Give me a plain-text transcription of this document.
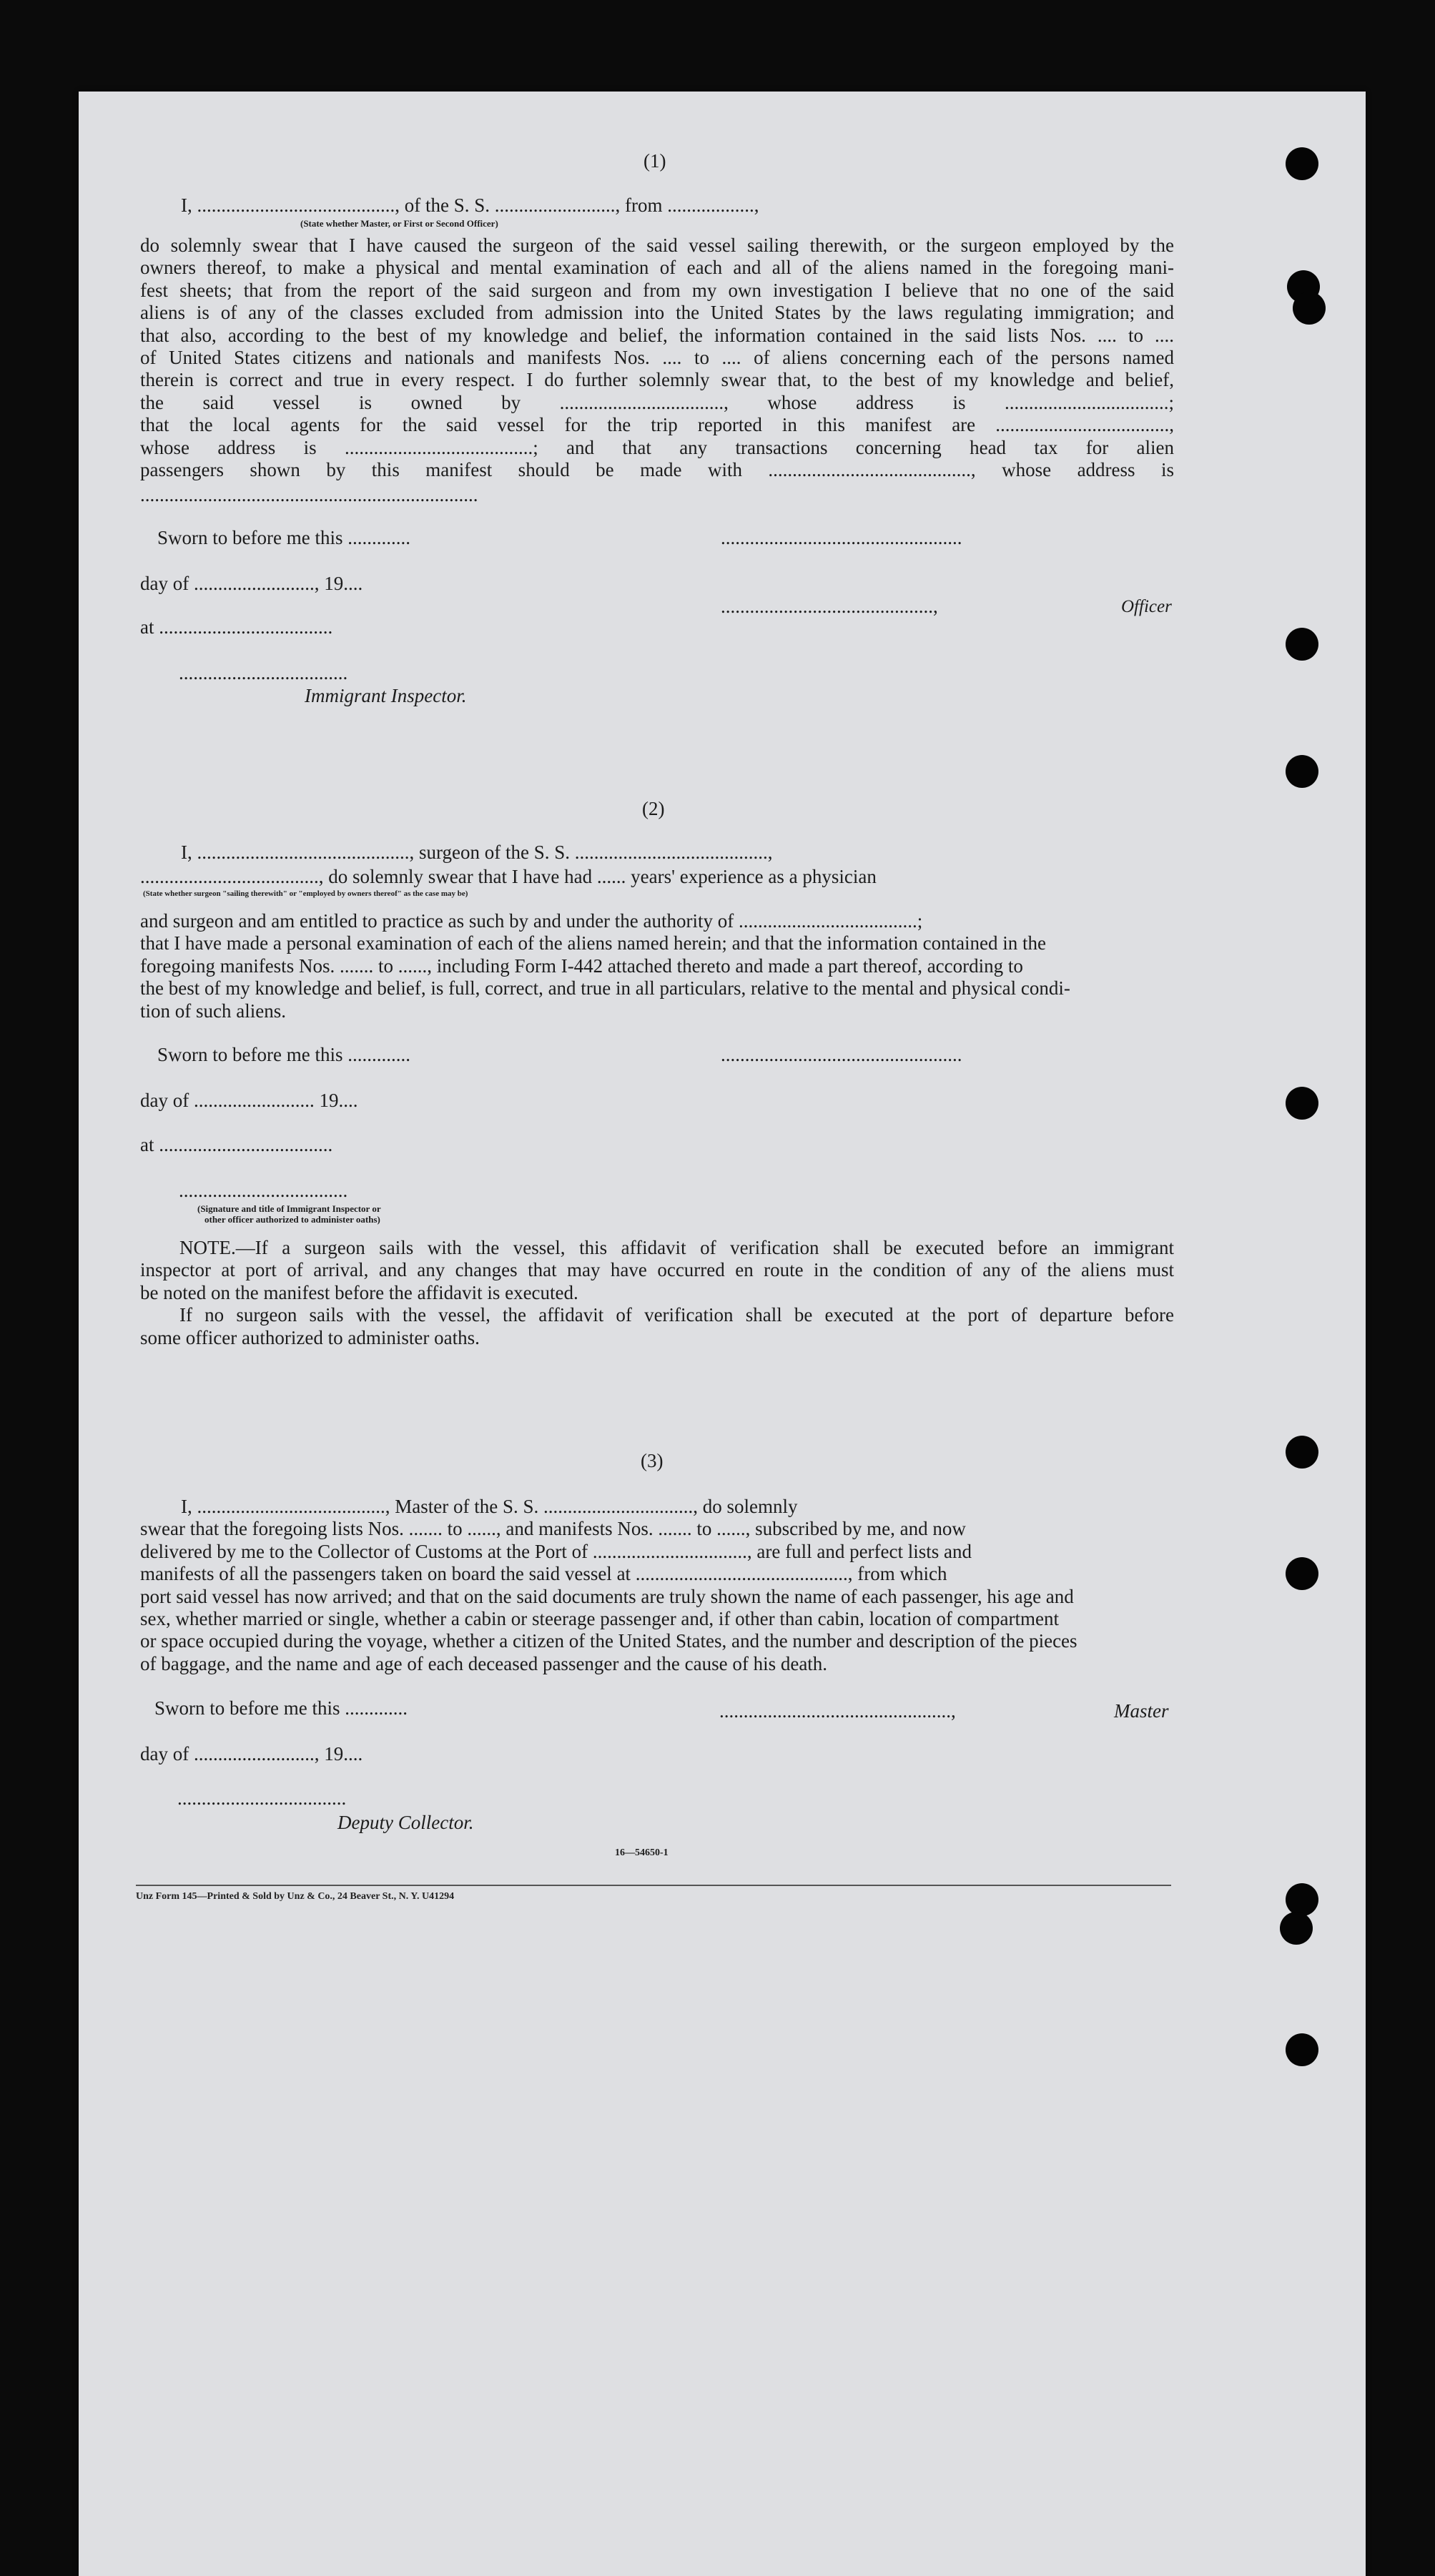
(1)
I, ........................................., of the S. S. ........................., from ..................,
(State whether Master, or First or Second Officer)
do solemnly swear that I have caused the surgeon of the said vessel sailing therewith, or the surgeon employed by the
owners thereof, to make a physical and mental examination of each and all of the aliens named in the foregoing mani-
fest sheets; that from the report of the said surgeon and from my own investigation I believe that no one of the said
aliens is of any of the classes excluded from admission into the United States by the laws regulating immigration; and
that also, according to the best of my knowledge and belief, the information contained in the said lists Nos. .... to ....
of United States citizens and nationals and manifests Nos. .... to .... of aliens concerning each of the persons named
therein is correct and true in every respect. I do further solemnly swear that, to the best of my knowledge and belief,
the said vessel is owned by .................................., whose address is ..................................;
that the local agents for the said vessel for the trip reported in this manifest are ....................................,
whose address is .......................................; and that any transactions concerning head tax for alien
passengers shown by this manifest should be made with .........................................., whose address is
......................................................................
Sworn to before me this .............	..................................................
day of ........................., 19....
............................................,	Officer
at ....................................
...................................
Immigrant Inspector.
(2)
I, ............................................, surgeon of the S. S. ........................................,
....................................., do solemnly swear that I have had ...... years' experience as a physician
(State whether surgeon "sailing therewith" or "employed by owners thereof" as the case may be)
and surgeon and am entitled to practice as such by and under the authority of .....................................;
that I have made a personal examination of each of the aliens named herein; and that the information contained in the
foregoing manifests Nos. ....... to ......, including Form I-442 attached thereto and made a part thereof, according to
the best of my knowledge and belief, is full, correct, and true in all particulars, relative to the mental and physical condi-
tion of such aliens.
Sworn to before me this .............	..................................................
day of ......................... 19....
at ....................................
...................................
(Signature and title of Immigrant Inspector or
other officer authorized to administer oaths)
NOTE.—If a surgeon sails with the vessel, this affidavit of verification shall be executed before an immigrant
inspector at port of arrival, and any changes that may have occurred en route in the condition of any of the aliens must
be noted on the manifest before the affidavit is executed.
If no surgeon sails with the vessel, the affidavit of verification shall be executed at the port of departure before
some officer authorized to administer oaths.
(3)
I, ......................................., Master of the S. S. ..............................., do solemnly
swear that the foregoing lists Nos. ....... to ......, and manifests Nos. ....... to ......, subscribed by me, and now
delivered by me to the Collector of Customs at the Port of ................................, are full and perfect lists and
manifests of all the passengers taken on board the said vessel at ............................................, from which
port said vessel has now arrived; and that on the said documents are truly shown the name of each passenger, his age and
sex, whether married or single, whether a cabin or steerage passenger and, if other than cabin, location of compartment
or space occupied during the voyage, whether a citizen of the United States, and the number and description of the pieces
of baggage, and the name and age of each deceased passenger and the cause of his death.
Sworn to before me this .............	................................................,	Master
day of ........................., 19....
...................................
Deputy Collector.
16—54650-1
Unz Form 145—Printed & Sold by Unz & Co., 24 Beaver St., N. Y. U41294
